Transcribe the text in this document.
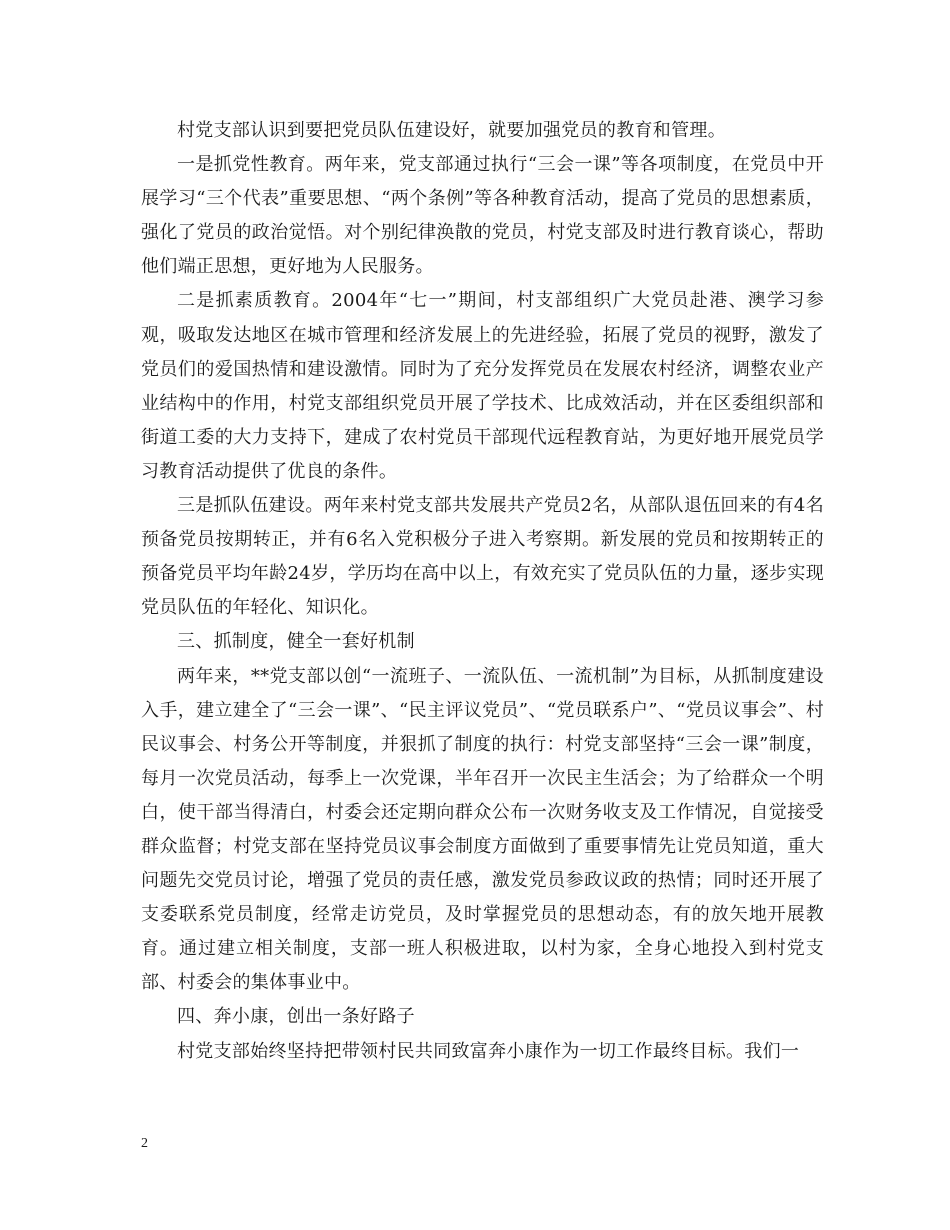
村党支部认识到要把党员队伍建设好，就要加强党员的教育和管理。

一是抓党性教育。两年来，党支部通过执行“三会一课”等各项制度，在党员中开展学习“三个代表”重要思想、“两个条例”等各种教育活动，提高了党员的思想素质，强化了党员的政治觉悟。对个别纪律涣散的党员，村党支部及时进行教育谈心，帮助他们端正思想，更好地为人民服务。

二是抓素质教育。2004年“七一”期间，村支部组织广大党员赴港、澳学习参观，吸取发达地区在城市管理和经济发展上的先进经验，拓展了党员的视野，激发了党员们的爱国热情和建设激情。同时为了充分发挥党员在发展农村经济，调整农业产业结构中的作用，村党支部组织党员开展了学技术、比成效活动，并在区委组织部和街道工委的大力支持下，建成了农村党员干部现代远程教育站，为更好地开展党员学习教育活动提供了优良的条件。

三是抓队伍建设。两年来村党支部共发展共产党员2名，从部队退伍回来的有4名预备党员按期转正，并有6名入党积极分子进入考察期。新发展的党员和按期转正的预备党员平均年龄24岁，学历均在高中以上，有效充实了党员队伍的力量，逐步实现党员队伍的年轻化、知识化。

三、抓制度，健全一套好机制

两年来，**党支部以创“一流班子、一流队伍、一流机制”为目标，从抓制度建设入手，建立建全了“三会一课”、“民主评议党员”、“党员联系户”、“党员议事会”、村民议事会、村务公开等制度，并狠抓了制度的执行：村党支部坚持“三会一课”制度，每月一次党员活动，每季上一次党课，半年召开一次民主生活会；为了给群众一个明白，使干部当得清白，村委会还定期向群众公布一次财务收支及工作情况，自觉接受群众监督；村党支部在坚持党员议事会制度方面做到了重要事情先让党员知道，重大问题先交党员讨论，增强了党员的责任感，激发党员参政议政的热情；同时还开展了支委联系党员制度，经常走访党员，及时掌握党员的思想动态，有的放矢地开展教育。通过建立相关制度，支部一班人积极进取，以村为家，全身心地投入到村党支部、村委会的集体事业中。

四、奔小康，创出一条好路子

村党支部始终坚持把带领村民共同致富奔小康作为一切工作最终目标。我们一

2
